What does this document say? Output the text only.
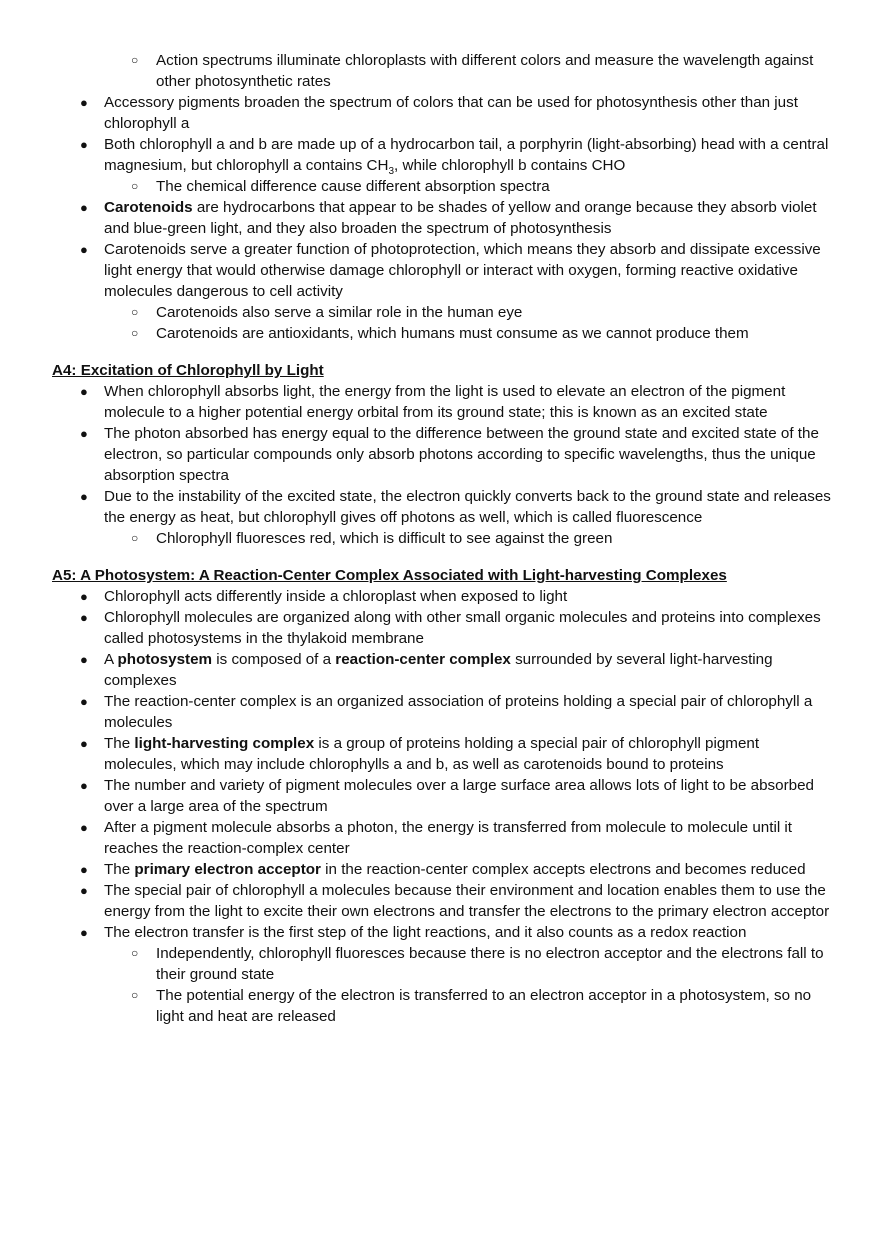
○ Action spectrums illuminate chloroplasts with different colors and measure the wavelength against other photosynthetic rates
● Accessory pigments broaden the spectrum of colors that can be used for photosynthesis other than just chlorophyll a
● Both chlorophyll a and b are made up of a hydrocarbon tail, a porphyrin (light-absorbing) head with a central magnesium, but chlorophyll a contains $CH_3$, while chlorophyll b contains CHO
○ The chemical difference cause different absorption spectra
● Carotenoids are hydrocarbons that appear to be shades of yellow and orange because they absorb violet and blue-green light, and they also broaden the spectrum of photosynthesis
● Carotenoids serve a greater function of photoprotection, which means they absorb and dissipate excessive light energy that would otherwise damage chlorophyll or interact with oxygen, forming reactive oxidative molecules dangerous to cell activity
○ Carotenoids also serve a similar role in the human eye
○ Carotenoids are antioxidants, which humans must consume as we cannot produce them
A4: Excitation of Chlorophyll by Light
● When chlorophyll absorbs light, the energy from the light is used to elevate an electron of the pigment molecule to a higher potential energy orbital from its ground state; this is known as an excited state
● The photon absorbed has energy equal to the difference between the ground state and excited state of the electron, so particular compounds only absorb photons according to specific wavelengths, thus the unique absorption spectra
● Due to the instability of the excited state, the electron quickly converts back to the ground state and releases the energy as heat, but chlorophyll gives off photons as well, which is called fluorescence
○ Chlorophyll fluoresces red, which is difficult to see against the green
A5: A Photosystem: A Reaction-Center Complex Associated with Light-harvesting Complexes
● Chlorophyll acts differently inside a chloroplast when exposed to light
● Chlorophyll molecules are organized along with other small organic molecules and proteins into complexes called photosystems in the thylakoid membrane
● A photosystem is composed of a reaction-center complex surrounded by several light-harvesting complexes
● The reaction-center complex is an organized association of proteins holding a special pair of chlorophyll a molecules
● The light-harvesting complex is a group of proteins holding a special pair of chlorophyll pigment molecules, which may include chlorophylls a and b, as well as carotenoids bound to proteins
● The number and variety of pigment molecules over a large surface area allows lots of light to be absorbed over a large area of the spectrum
● After a pigment molecule absorbs a photon, the energy is transferred from molecule to molecule until it reaches the reaction-complex center
● The primary electron acceptor in the reaction-center complex accepts electrons and becomes reduced
● The special pair of chlorophyll a molecules because their environment and location enables them to use the energy from the light to excite their own electrons and transfer the electrons to the primary electron acceptor
● The electron transfer is the first step of the light reactions, and it also counts as a redox reaction
○ Independently, chlorophyll fluoresces because there is no electron acceptor and the electrons fall to their ground state
○ The potential energy of the electron is transferred to an electron acceptor in a photosystem, so no light and heat are released
